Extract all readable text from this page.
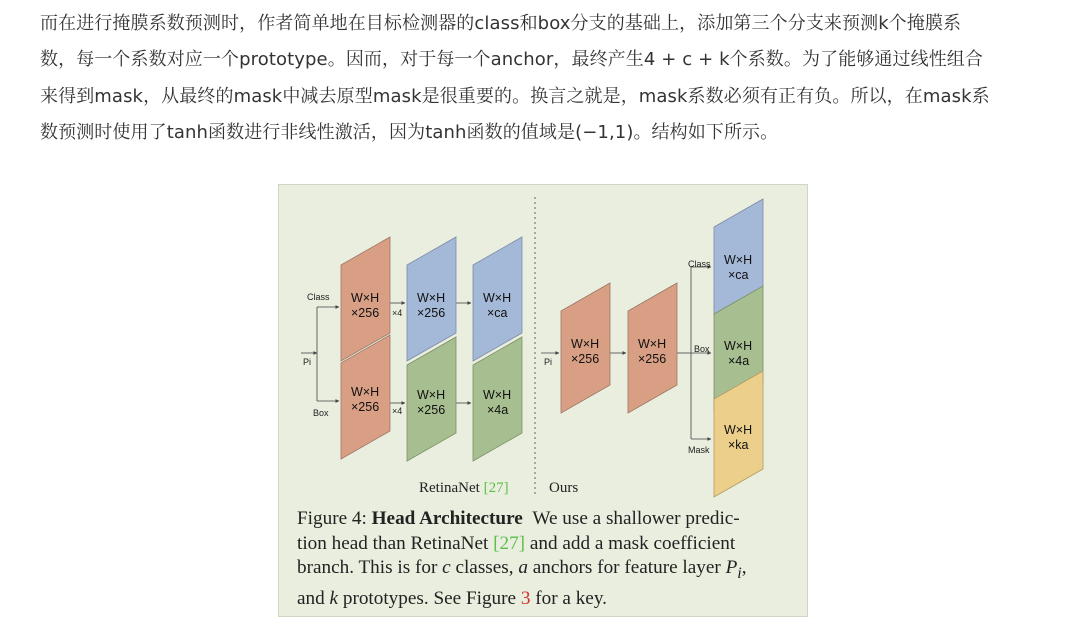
而在进行掩膜系数预测时，作者简单地在目标检测器的class和box分支的基础上，添加第三个分支来预测k个掩膜系
数，每一个系数对应一个prototype。因而，对于每一个anchor，最终产生4 + c + k个系数。为了能够通过线性组合
来得到mask，从最终的mask中减去原型mask是很重要的。换言之就是，mask系数必须有正有负。所以，在mask系
数预测时使用了tanh函数进行非线性激活，因为tanh函数的值域是(−1,1)。结构如下所示。
Class
Box
Pi
×4
×4
W×H
×256
W×H
×256
W×H
×ca
W×H
×256
W×H
×256
W×H
×4a
Pi
Class
Box
Mask
W×H
×256
W×H
×256
W×H
×ca
W×H
×4a
W×H
×ka
RetinaNet [27]	Ours
Figure 4: Head Architecture We use a shallower predic-
tion head than RetinaNet [27] and add a mask coefficient
branch. This is for c classes, a anchors for feature layer $P_i$,
and k prototypes. See Figure 3 for a key.
